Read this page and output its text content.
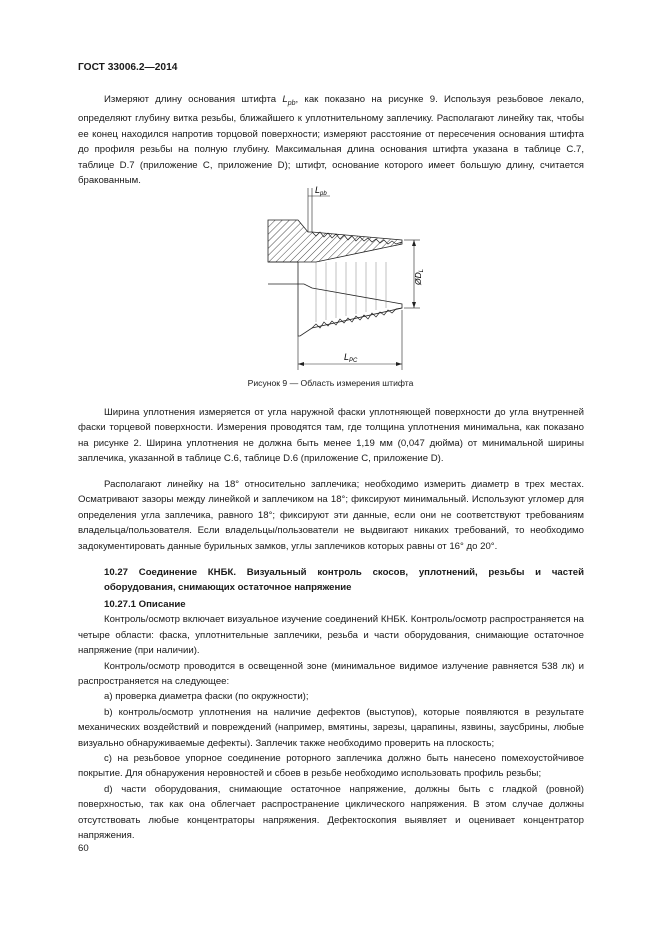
ГОСТ 33006.2—2014

Измеряют длину основания штифта $L_{pb}$, как показано на рисунке 9. Используя резьбовое лекало, определяют глубину витка резьбы, ближайшего к уплотнительному заплечику. Располагают линейку так, чтобы ее конец находился напротив торцовой поверхности; измеряют расстояние от пересечения основания штифта до профиля резьбы на полную глубину. Максимальная длина основания штифта указана в таблице С.7, таблице D.7 (приложение С, приложение D); штифт, основание которого имеет большую длину, считается бракованным.

$L_{pb}$
$L_{PC}$
$ØD_L$
Рисунок 9 — Область измерения штифта

Ширина уплотнения измеряется от угла наружной фаски уплотняющей поверхности до угла внутренней фаски торцевой поверхности. Измерения проводятся там, где толщина уплотнения минимальна, как показано на рисунке 2. Ширина уплотнения не должна быть менее 1,19 мм (0,047 дюйма) от минимальной ширины заплечика, указанной в таблице С.6, таблице D.6 (приложение С, приложение D).

Располагают линейку на 18° относительно заплечика; необходимо измерить диаметр в трех местах. Осматривают зазоры между линейкой и заплечиком на 18°; фиксируют минимальный. Используют угломер для определения угла заплечика, равного 18°; фиксируют эти данные, если они не соответствуют требованиям владельца/пользователя. Если владельцы/пользователи не выдвигают никаких требований, то необходимо задокументировать данные бурильных замков, углы заплечиков которых равны от 16° до 20°.

10.27 Соединение КНБК. Визуальный контроль скосов, уплотнений, резьбы и частей оборудования, снимающих остаточное напряжение

10.27.1 Описание

Контроль/осмотр включает визуальное изучение соединений КНБК. Контроль/осмотр распространяется на четыре области: фаска, уплотнительные заплечики, резьба и части оборудования, снимающие остаточное напряжение (при наличии).

Контроль/осмотр проводится в освещенной зоне (минимальное видимое излучение равняется 538 лк) и распространяется на следующее:

а) проверка диаметра фаски (по окружности);

b) контроль/осмотр уплотнения на наличие дефектов (выступов), которые появляются в результате механических воздействий и повреждений (например, вмятины, зарезы, царапины, язвины, заусбрины, любые визуально обнаруживаемые дефекты). Заплечик также необходимо проверить на плоскость;

с) на резьбовое упорное соединение роторного заплечика должно быть нанесено помехоустойчивое покрытие. Для обнаружения неровностей и сбоев в резьбе необходимо использовать профиль резьбы;

d) части оборудования, снимающие остаточное напряжение, должны быть с гладкой (ровной) поверхностью, так как она облегчает распространение циклического напряжения. В этом случае должны отсутствовать любые концентраторы напряжения. Дефектоскопия выявляет и оценивает концентратор напряжения.

60
